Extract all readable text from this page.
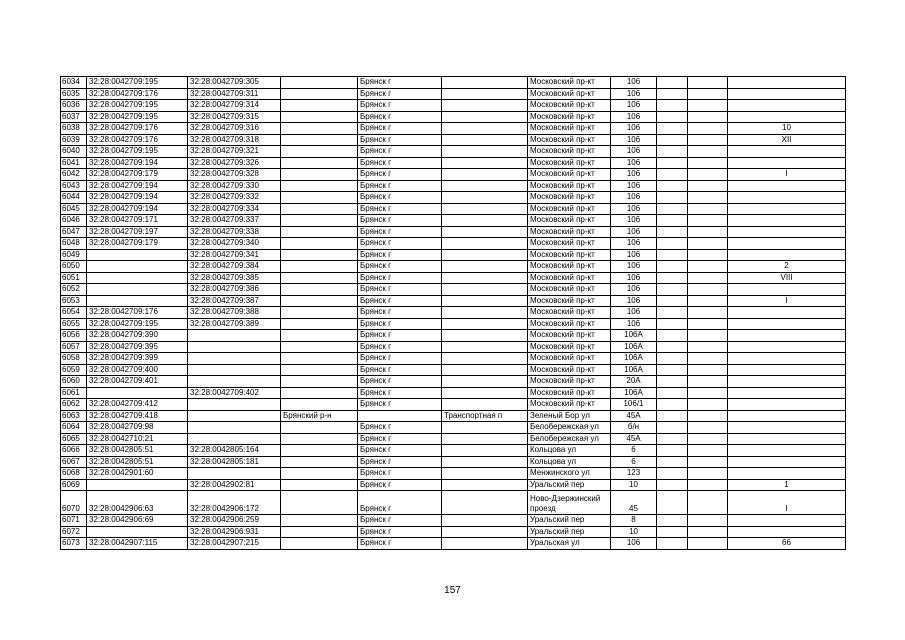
6034	32:28:0042709:195	32:28:0042709:305		Брянск г		Московский пр-кт	106			
6035	32:28:0042709:176	32:28:0042709:311		Брянск г		Московский пр-кт	106			
6036	32:28:0042709:195	32:28:0042709:314		Брянск г		Московский пр-кт	106			
6037	32:28:0042709:195	32:28:0042709:315		Брянск г		Московский пр-кт	106			
6038	32:28:0042709:176	32:28:0042709:316		Брянск г		Московский пр-кт	106			10
6039	32:28:0042709:176	32:28:0042709:318		Брянск г		Московский пр-кт	106			XII
6040	32:28:0042709:195	32:28:0042709:321		Брянск г		Московский пр-кт	106			
6041	32:28:0042709:194	32:28:0042709:326		Брянск г		Московский пр-кт	106			
6042	32:28:0042709:179	32:28:0042709:328		Брянск г		Московский пр-кт	106			I
6043	32:28:0042709:194	32:28:0042709:330		Брянск г		Московский пр-кт	106			
6044	32:28:0042709:194	32:28:0042709:332		Брянск г		Московский пр-кт	106			
6045	32:28:0042709:194	32:28:0042709:334		Брянск г		Московский пр-кт	106			
6046	32:28:0042709:171	32:28:0042709:337		Брянск г		Московский пр-кт	106			
6047	32:28:0042709:197	32:28:0042709:338		Брянск г		Московский пр-кт	106			
6048	32:28:0042709:179	32:28:0042709:340		Брянск г		Московский пр-кт	106			
6049		32:28:0042709:341		Брянск г		Московский пр-кт	106			
6050		32:28:0042709:384		Брянск г		Московский пр-кт	106			2
6051		32:28:0042709:385		Брянск г		Московский пр-кт	106			VIII
6052		32:28:0042709:386		Брянск г		Московский пр-кт	106			
6053		32:28:0042709:387		Брянск г		Московский пр-кт	106			I
6054	32:28:0042709:176	32:28:0042709:388		Брянск г		Московский пр-кт	106			
6055	32:28:0042709:195	32:28:0042709:389		Брянск г		Московский пр-кт	106			
6056	32:28:0042709:390			Брянск г		Московский пр-кт	106А			
6057	32:28:0042709:395			Брянск г		Московский пр-кт	106А			
6058	32:28:0042709:399			Брянск г		Московский пр-кт	106А			
6059	32:28:0042709:400			Брянск г		Московский пр-кт	106А			
6060	32:28:0042709:401			Брянск г		Московский пр-кт	20А			
6061		32:28:0042709:402		Брянск г		Московский пр-кт	106А			
6062	32:28:0042709:412			Брянск г		Московский пр-кт	106/1			
6063	32:28:0042709:418		Брянский р-н		Транспортная п	Зеленый Бор ул	45А			
6064	32:28:0042709:98			Брянск г		Белобережская ул	б/н			
6065	32:28:0042710:21			Брянск г		Белобережская ул	45А			
6066	32:28:0042805:51	32:28:0042805:164		Брянск г		Кольцова ул	6			
6067	32:28:0042805:51	32:28:0042805:181		Брянск г		Кольцова ул	6			
6068	32:28:0042901:60			Брянск г		Менжинского ул	123			
6069		32:28:0042902:81		Брянск г		Уральский пер	10			1
6070	32:28:0042906:63	32:28:0042906:172		Брянск г		Ново-Дзержинский проезд	45			I
6071	32:28:0042906:69	32:28:0042906:259		Брянск г		Уральский пер	8			
6072		32:28:0042906:931		Брянск г		Уральский пер	10			
6073	32:28:0042907:115	32:28:0042907:215		Брянск г		Уральская ул	106			66
157
